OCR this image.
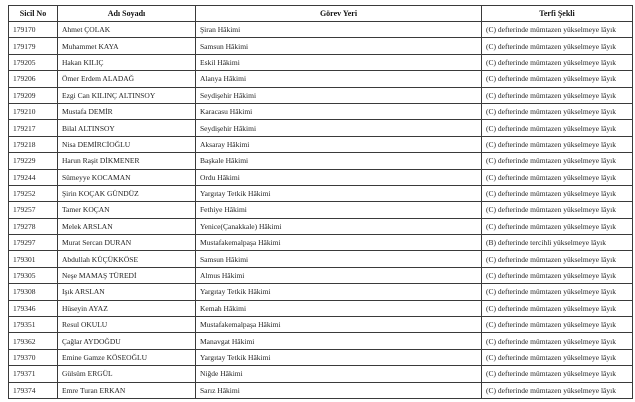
Sicil No	Adı Soyadı	Görev Yeri	Terfi Şekli
179170	Ahmet ÇOLAK	Şiran Hâkimi	(C) defterinde mümtazen yükselmeye lâyık
179179	Muhammet KAYA	Samsun Hâkimi	(C) defterinde mümtazen yükselmeye lâyık
179205	Hakan KILIÇ	Eskil Hâkimi	(C) defterinde mümtazen yükselmeye lâyık
179206	Ömer Erdem ALADAĞ	Alanya Hâkimi	(C) defterinde mümtazen yükselmeye lâyık
179209	Ezgi Can KILINÇ ALTINSOY	Seydişehir Hâkimi	(C) defterinde mümtazen yükselmeye lâyık
179210	Mustafa DEMİR	Karacasu Hâkimi	(C) defterinde mümtazen yükselmeye lâyık
179217	Bilal ALTINSOY	Seydişehir Hâkimi	(C) defterinde mümtazen yükselmeye lâyık
179218	Nisa DEMİRCİOĞLU	Aksaray Hâkimi	(C) defterinde mümtazen yükselmeye lâyık
179229	Harun Raşit DİKMENER	Başkale Hâkimi	(C) defterinde mümtazen yükselmeye lâyık
179244	Sümeyye KOCAMAN	Ordu Hâkimi	(C) defterinde mümtazen yükselmeye lâyık
179252	Şirin KOÇAK GÜNDÜZ	Yargıtay Tetkik Hâkimi	(C) defterinde mümtazen yükselmeye lâyık
179257	Tamer KOÇAN	Fethiye Hâkimi	(C) defterinde mümtazen yükselmeye lâyık
179278	Melek ARSLAN	Yenice(Çanakkale) Hâkimi	(C) defterinde mümtazen yükselmeye lâyık
179297	Murat Sercan DURAN	Mustafakemalpaşa Hâkimi	(B) defterinde tercihli yükselmeye lâyık
179301	Abdullah KÜÇÜKKÖSE	Samsun Hâkimi	(C) defterinde mümtazen yükselmeye lâyık
179305	Neşe MAMAŞ TÜREDİ	Almus Hâkimi	(C) defterinde mümtazen yükselmeye lâyık
179308	Işık ARSLAN	Yargıtay Tetkik Hâkimi	(C) defterinde mümtazen yükselmeye lâyık
179346	Hüseyin AYAZ	Kemah Hâkimi	(C) defterinde mümtazen yükselmeye lâyık
179351	Resul OKULU	Mustafakemalpaşa Hâkimi	(C) defterinde mümtazen yükselmeye lâyık
179362	Çağlar AYDOĞDU	Manavgat Hâkimi	(C) defterinde mümtazen yükselmeye lâyık
179370	Emine Gamze KÖSEOĞLU	Yargıtay Tetkik Hâkimi	(C) defterinde mümtazen yükselmeye lâyık
179371	Gülsüm ERGÜL	Niğde Hâkimi	(C) defterinde mümtazen yükselmeye lâyık
179374	Emre Turan ERKAN	Sarız Hâkimi	(C) defterinde mümtazen yükselmeye lâyık
